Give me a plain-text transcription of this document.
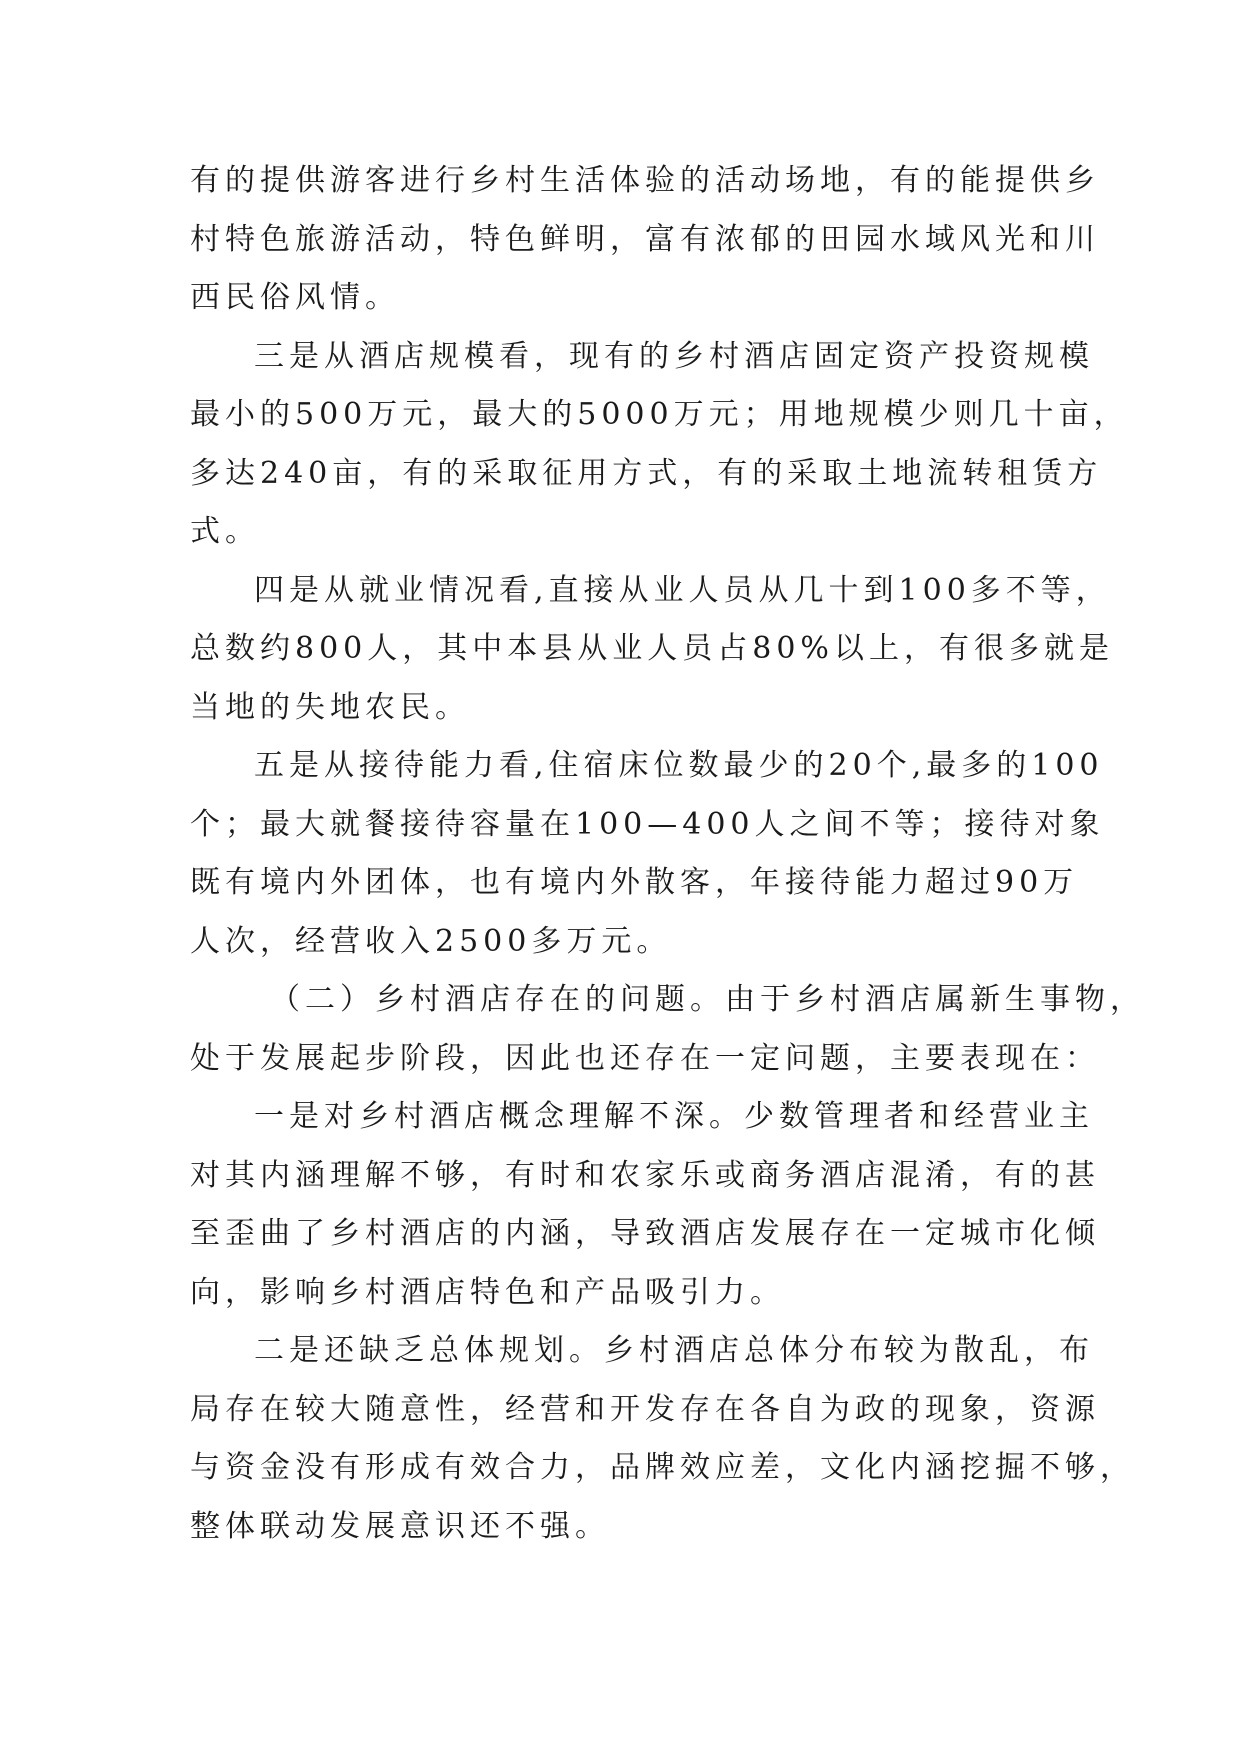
有的提供游客进行乡村生活体验的活动场地，有的能提供乡
村特色旅游活动，特色鲜明，富有浓郁的田园水域风光和川
西民俗风情。
三是从酒店规模看，现有的乡村酒店固定资产投资规模
最小的500万元，最大的5000万元；用地规模少则几十亩，
多达240亩，有的采取征用方式，有的采取土地流转租赁方
式。
四是从就业情况看,直接从业人员从几十到100多不等，
总数约800人，其中本县从业人员占80%以上，有很多就是
当地的失地农民。
五是从接待能力看,住宿床位数最少的20个,最多的100
个；最大就餐接待容量在100—400人之间不等；接待对象
既有境内外团体，也有境内外散客，年接待能力超过90万
人次，经营收入2500多万元。
（二）乡村酒店存在的问题。由于乡村酒店属新生事物，
处于发展起步阶段，因此也还存在一定问题，主要表现在：
一是对乡村酒店概念理解不深。少数管理者和经营业主
对其内涵理解不够，有时和农家乐或商务酒店混淆，有的甚
至歪曲了乡村酒店的内涵，导致酒店发展存在一定城市化倾
向，影响乡村酒店特色和产品吸引力。
二是还缺乏总体规划。乡村酒店总体分布较为散乱，布
局存在较大随意性，经营和开发存在各自为政的现象，资源
与资金没有形成有效合力，品牌效应差，文化内涵挖掘不够，
整体联动发展意识还不强。
